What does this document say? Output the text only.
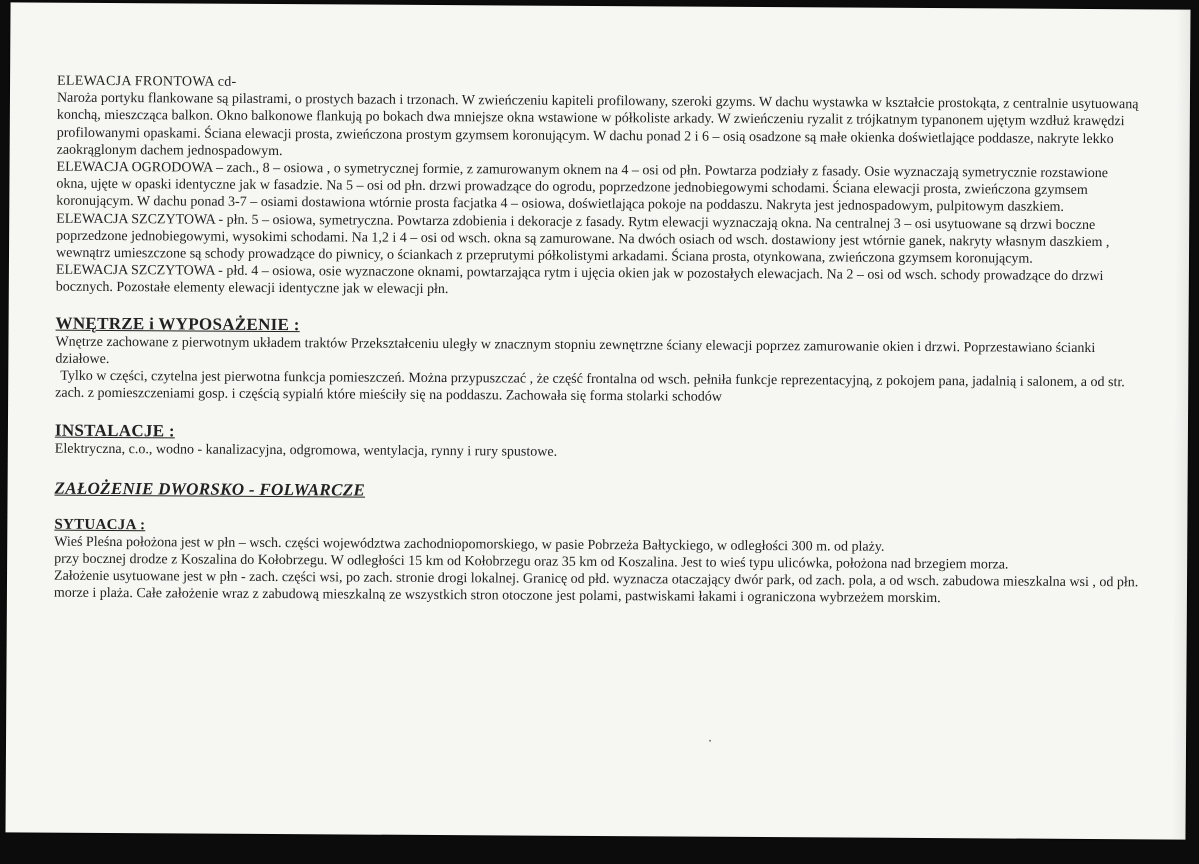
ELEWACJA FRONTOWA cd-

Naroża portyku flankowane są pilastrami, o prostych bazach i trzonach. W zwieńczeniu kapiteli profilowany, szeroki gzyms. W dachu wystawka w kształcie prostokąta, z centralnie usytuowaną konchą, mieszcząca balkon. Okno balkonowe flankują po bokach dwa mniejsze okna wstawione w półkoliste arkady. W zwieńczeniu ryzalit z trójkatnym typanonem ujętym wzdłuż krawędzi profilowanymi opaskami. Ściana elewacji prosta, zwieńczona prostym gzymsem koronującym. W dachu ponad 2 i 6 – osią osadzone są małe okienka doświetlające poddasze, nakryte lekko zaokrąglonym dachem jednospadowym.

ELEWACJA OGRODOWA – zach., 8 – osiowa , o symetrycznej formie, z zamurowanym oknem na 4 – osi od płn. Powtarza podziały z fasady. Osie wyznaczają symetrycznie rozstawione okna, ujęte w opaski identyczne jak w fasadzie. Na 5 – osi od płn. drzwi prowadzące do ogrodu, poprzedzone jednobiegowymi schodami. Ściana elewacji prosta, zwieńczona gzymsem koronującym. W dachu ponad 3-7 – osiami dostawiona wtórnie prosta facjatka 4 – osiowa, doświetlająca pokoje na poddaszu. Nakryta jest jednospadowym, pulpitowym daszkiem.

ELEWACJA SZCZYTOWA - płn. 5 – osiowa, symetryczna. Powtarza zdobienia i dekoracje z fasady. Rytm elewacji wyznaczają okna. Na centralnej 3 – osi usytuowane są drzwi boczne poprzedzone jednobiegowymi, wysokimi schodami. Na 1,2 i 4 – osi od wsch. okna są zamurowane. Na dwóch osiach od wsch. dostawiony jest wtórnie ganek, nakryty własnym daszkiem , wewnątrz umieszczone są schody prowadzące do piwnicy, o ściankach z przeprutymi półkolistymi arkadami. Ściana prosta, otynkowana, zwieńczona gzymsem koronującym.

ELEWACJA SZCZYTOWA - płd. 4 – osiowa, osie wyznaczone oknami, powtarzająca rytm i ujęcia okien jak w pozostałych elewacjach. Na 2 – osi od wsch. schody prowadzące do drzwi bocznych. Pozostałe elementy elewacji identyczne jak w elewacji płn.

WNĘTRZE i WYPOSAŻENIE :

Wnętrze zachowane z pierwotnym układem traktów Przekształceniu uległy w znacznym stopniu zewnętrzne ściany elewacji poprzez zamurowanie okien i drzwi. Poprzestawiano ścianki działowe.

Tylko w części, czytelna jest pierwotna funkcja pomieszczeń. Można przypuszczać , że część frontalna od wsch. pełniła funkcje reprezentacyjną, z pokojem pana, jadalnią i salonem, a od str. zach. z pomieszczeniami gosp. i częścią sypialń które mieściły się na poddaszu. Zachowała się forma stolarki schodów

INSTALACJE :

Elektryczna, c.o., wodno - kanalizacyjna, odgromowa, wentylacja, rynny i rury spustowe.

ZAŁOŻENIE DWORSKO - FOLWARCZE

SYTUACJA :

Wieś Pleśna położona jest w płn – wsch. części województwa zachodniopomorskiego, w pasie Pobrzeża Bałtyckiego, w odległości 300 m. od plaży.

przy bocznej drodze z Koszalina do Kołobrzegu. W odległości 15 km od Kołobrzegu oraz 35 km od Koszalina. Jest to wieś typu ulicówka, położona nad brzegiem morza.

Założenie usytuowane jest w płn - zach. części wsi, po zach. stronie drogi lokalnej. Granicę od płd. wyznacza otaczający dwór park, od zach. pola, a od wsch. zabudowa mieszkalna wsi , od płn. morze i plaża. Całe założenie wraz z zabudową mieszkalną ze wszystkich stron otoczone jest polami, pastwiskami łakami i ograniczona wybrzeżem morskim.
